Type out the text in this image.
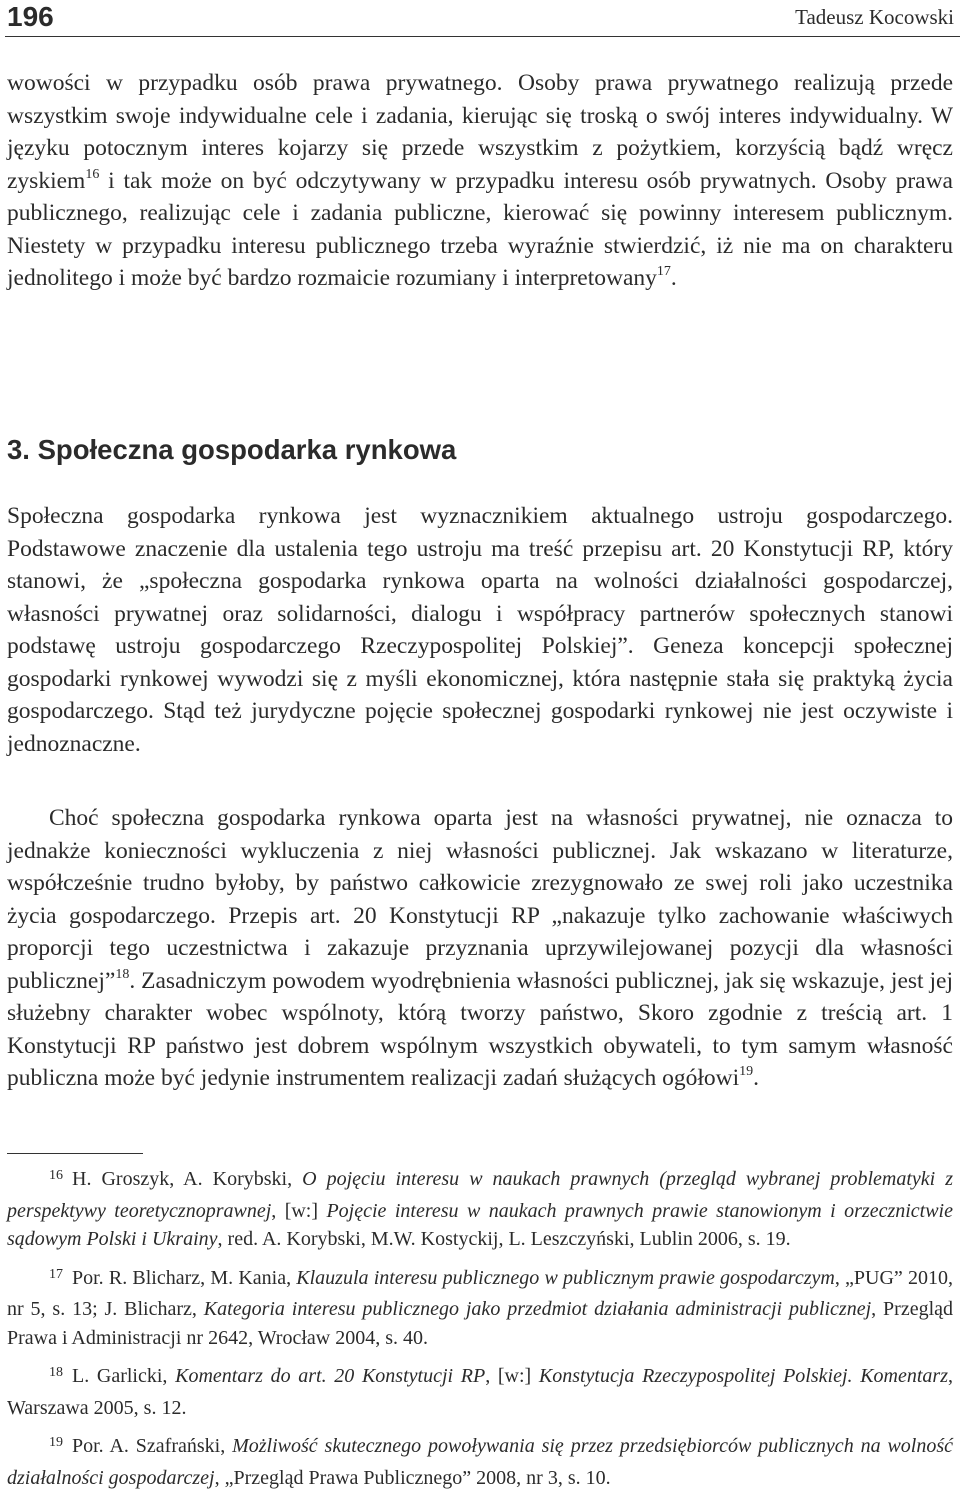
196	Tadeusz Kocowski

wowości w przypadku osób prawa prywatnego. Osoby prawa prywatnego realizują przede wszystkim swoje indywidualne cele i zadania, kierując się troską o swój interes indywidualny. W języku potocznym interes kojarzy się przede wszystkim z pożytkiem, korzyścią bądź wręcz zyskiem$^{16}$ i tak może on być odczytywany w przypadku interesu osób prywatnych. Osoby prawa publicznego, realizując cele i zadania publiczne, kierować się powinny interesem publicznym. Niestety w przypadku interesu publicznego trzeba wyraźnie stwierdzić, iż nie ma on charakteru jednolitego i może być bardzo rozmaicie rozumiany i interpretowany$^{17}$.

3. Społeczna gospodarka rynkowa

Społeczna gospodarka rynkowa jest wyznacznikiem aktualnego ustroju gospodarczego. Podstawowe znaczenie dla ustalenia tego ustroju ma treść przepisu art. 20 Konstytucji RP, który stanowi, że „społeczna gospodarka rynkowa oparta na wolności działalności gospodarczej, własności prywatnej oraz solidarności, dialogu i współpracy partnerów społecznych stanowi podstawę ustroju gospodarczego Rzeczypospolitej Polskiej”. Geneza koncepcji społecznej gospodarki rynkowej wywodzi się z myśli ekonomicznej, która następnie stała się praktyką życia gospodarczego. Stąd też jurydyczne pojęcie społecznej gospodarki rynkowej nie jest oczywiste i jednoznaczne.

Choć społeczna gospodarka rynkowa oparta jest na własności prywatnej, nie oznacza to jednakże konieczności wykluczenia z niej własności publicznej. Jak wskazano w literaturze, współcześnie trudno byłoby, by państwo całkowicie zrezygnowało ze swej roli jako uczestnika życia gospodarczego. Przepis art. 20 Konstytucji RP „nakazuje tylko zachowanie właściwych proporcji tego uczestnictwa i zakazuje przyznania uprzywilejowanej pozycji dla własności publicznej”$^{18}$. Zasadniczym powodem wyodrębnienia własności publicznej, jak się wskazuje, jest jej służebny charakter wobec wspólnoty, którą tworzy państwo, Skoro zgodnie z treścią art. 1 Konstytucji RP państwo jest dobrem wspólnym wszystkich obywateli, to tym samym własność publiczna może być jedynie instrumentem realizacji zadań służących ogółowi$^{19}$.

$^{16}$ H. Groszyk, A. Korybski, O pojęciu interesu w naukach prawnych (przegląd wybranej problematyki z perspektywy teoretycznoprawnej, [w:] Pojęcie interesu w naukach prawnych prawie stanowionym i orzecznictwie sądowym Polski i Ukrainy, red. A. Korybski, M.W. Kostyckij, L. Leszczyński, Lublin 2006, s. 19.

$^{17}$ Por. R. Blicharz, M. Kania, Klauzula interesu publicznego w publicznym prawie gospodarczym, „PUG” 2010, nr 5, s. 13; J. Blicharz, Kategoria interesu publicznego jako przedmiot działania administracji publicznej, Przegląd Prawa i Administracji nr 2642, Wrocław 2004, s. 40.

$^{18}$ L. Garlicki, Komentarz do art. 20 Konstytucji RP, [w:] Konstytucja Rzeczypospolitej Polskiej. Komentarz, Warszawa 2005, s. 12.

$^{19}$ Por. A. Szafrański, Możliwość skutecznego powoływania się przez przedsiębiorców publicznych na wolność działalności gospodarczej, „Przegląd Prawa Publicznego” 2008, nr 3, s. 10.
